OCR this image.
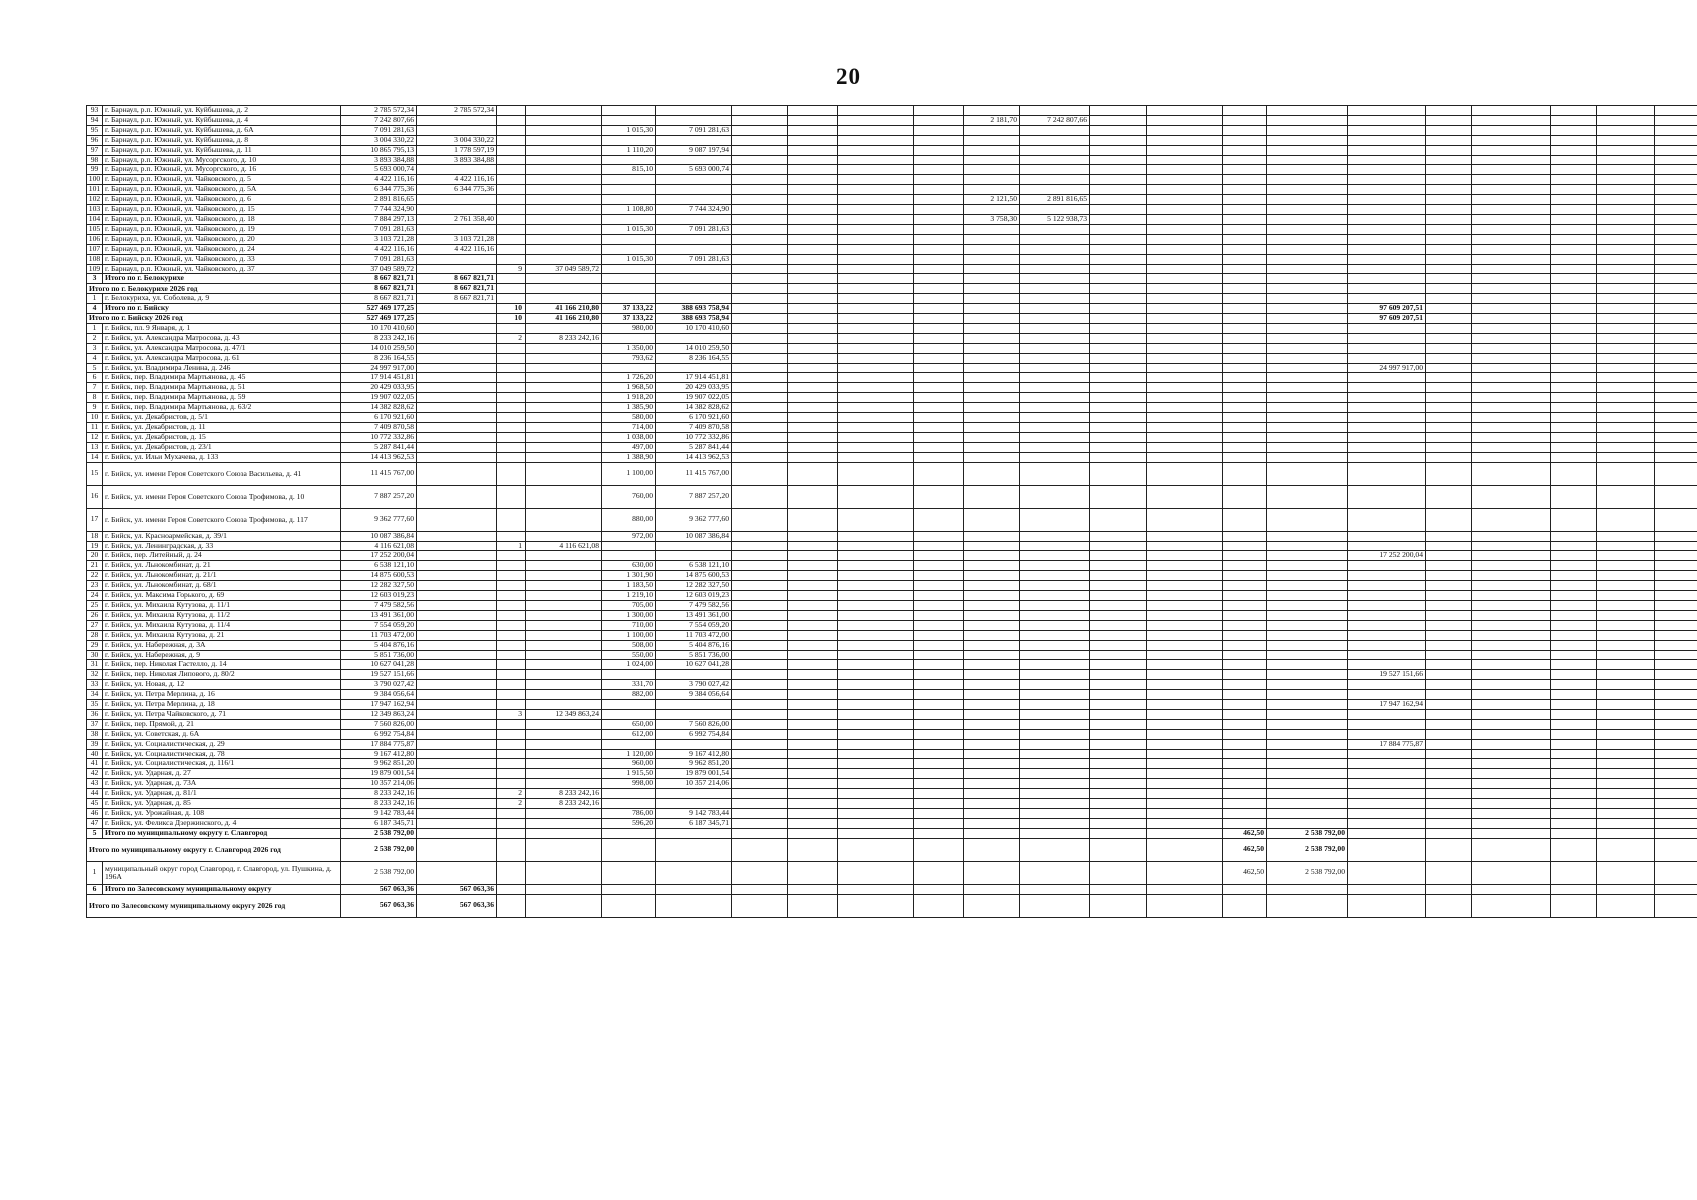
20
93	г. Барнаул, р.п. Южный, ул. Куйбышева, д. 2	2 785 572,34	2 785 572,34																				
94	г. Барнаул, р.п. Южный, ул. Куйбышева, д. 4	7 242 807,66										2 181,70	7 242 807,66										
95	г. Барнаул, р.п. Южный, ул. Куйбышева, д. 6А	7 091 281,63				1 015,30	7 091 281,63																
96	г. Барнаул, р.п. Южный, ул. Куйбышева, д. 8	3 004 330,22	3 004 330,22																				
97	г. Барнаул, р.п. Южный, ул. Куйбышева, д. 11	10 865 795,13	1 778 597,19			1 110,20	9 087 197,94																
98	г. Барнаул, р.п. Южный, ул. Мусоргского, д. 10	3 893 384,88	3 893 384,88																				
99	г. Барнаул, р.п. Южный, ул. Мусоргского, д. 16	5 693 000,74				815,10	5 693 000,74																
100	г. Барнаул, р.п. Южный, ул. Чайковского, д. 5	4 422 116,16	4 422 116,16																				
101	г. Барнаул, р.п. Южный, ул. Чайковского, д. 5А	6 344 775,36	6 344 775,36																				
102	г. Барнаул, р.п. Южный, ул. Чайковского, д. 6	2 891 816,65										2 121,50	2 891 816,65										
103	г. Барнаул, р.п. Южный, ул. Чайковского, д. 15	7 744 324,90				1 108,80	7 744 324,90																
104	г. Барнаул, р.п. Южный, ул. Чайковского, д. 18	7 884 297,13	2 761 358,40									3 758,30	5 122 938,73										
105	г. Барнаул, р.п. Южный, ул. Чайковского, д. 19	7 091 281,63				1 015,30	7 091 281,63																
106	г. Барнаул, р.п. Южный, ул. Чайковского, д. 20	3 103 721,28	3 103 721,28																				
107	г. Барнаул, р.п. Южный, ул. Чайковского, д. 24	4 422 116,16	4 422 116,16																				
108	г. Барнаул, р.п. Южный, ул. Чайковского, д. 33	7 091 281,63				1 015,30	7 091 281,63																
109	г. Барнаул, р.п. Южный, ул. Чайковского, д. 37	37 049 589,72		9	37 049 589,72																		
3	Итого по г. Белокурихе	8 667 821,71	8 667 821,71																				
Итого по г. Белокурихе 2026 год		8 667 821,71	8 667 821,71																				
1	г. Белокуриха, ул. Соболева, д. 9	8 667 821,71	8 667 821,71																				
4	Итого по г. Бийску	527 469 177,25		10	41 166 210,80	37 133,22	388 693 758,94											97 609 207,51					
Итого по г. Бийску 2026 год		527 469 177,25		10	41 166 210,80	37 133,22	388 693 758,94											97 609 207,51					
1	г. Бийск, пл. 9 Января, д. 1	10 170 410,60				980,00	10 170 410,60																
2	г. Бийск, ул. Александра Матросова, д. 43	8 233 242,16		2	8 233 242,16																		
3	г. Бийск, ул. Александра Матросова, д. 47/1	14 010 259,50				1 350,00	14 010 259,50																
4	г. Бийск, ул. Александра Матросова, д. 61	8 236 164,55				793,62	8 236 164,55																
5	г. Бийск, ул. Владимира Ленина, д. 246	24 997 917,00																24 997 917,00					
6	г. Бийск, пер. Владимира Мартьянова, д. 45	17 914 451,81				1 726,20	17 914 451,81																
7	г. Бийск, пер. Владимира Мартьянова, д. 51	20 429 033,95				1 968,50	20 429 033,95																
8	г. Бийск, пер. Владимира Мартьянова, д. 59	19 907 022,05				1 918,20	19 907 022,05																
9	г. Бийск, пер. Владимира Мартьянова, д. 63/2	14 382 828,62				1 385,90	14 382 828,62																
10	г. Бийск, ул. Декабристов, д. 5/1	6 170 921,60				580,00	6 170 921,60																
11	г. Бийск, ул. Декабристов, д. 11	7 409 870,58				714,00	7 409 870,58																
12	г. Бийск, ул. Декабристов, д. 15	10 772 332,86				1 038,00	10 772 332,86																
13	г. Бийск, ул. Декабристов, д. 23/1	5 287 841,44				497,00	5 287 841,44																
14	г. Бийск, ул. Ильи Мухачева, д. 133	14 413 962,53				1 388,90	14 413 962,53																
15	г. Бийск, ул. имени Героя Советского Союза Васильева, д. 41	11 415 767,00				1 100,00	11 415 767,00																
16	г. Бийск, ул. имени Героя Советского Союза Трофимова, д. 10	7 887 257,20				760,00	7 887 257,20																
17	г. Бийск, ул. имени Героя Советского Союза Трофимова, д. 117	9 362 777,60				880,00	9 362 777,60																
18	г. Бийск, ул. Красноармейская, д. 39/1	10 087 386,84				972,00	10 087 386,84																
19	г. Бийск, ул. Ленинградская, д. 33	4 116 621,08		1	4 116 621,08																		
20	г. Бийск, пер. Литейный, д. 24	17 252 200,04																17 252 200,04					
21	г. Бийск, ул. Льнокомбинат, д. 21	6 538 121,10				630,00	6 538 121,10																
22	г. Бийск, ул. Льнокомбинат, д. 21/1	14 875 600,53				1 301,90	14 875 600,53																
23	г. Бийск, ул. Льнокомбинат, д. 68/1	12 282 327,50				1 183,50	12 282 327,50																
24	г. Бийск, ул. Максима Горького, д. 69	12 603 019,23				1 219,10	12 603 019,23																
25	г. Бийск, ул. Михаила Кутузова, д. 11/1	7 479 582,56				705,00	7 479 582,56																
26	г. Бийск, ул. Михаила Кутузова, д. 11/2	13 491 361,00				1 300,00	13 491 361,00																
27	г. Бийск, ул. Михаила Кутузова, д. 11/4	7 554 059,20				710,00	7 554 059,20																
28	г. Бийск, ул. Михаила Кутузова, д. 21	11 703 472,00				1 100,00	11 703 472,00																
29	г. Бийск, ул. Набережная, д. 3А	5 404 876,16				508,00	5 404 876,16																
30	г. Бийск, ул. Набережная, д. 9	5 851 736,00				550,00	5 851 736,00																
31	г. Бийск, пер. Николая Гастелло, д. 14	10 627 041,28				1 024,00	10 627 041,28																
32	г. Бийск, пер. Николая Липового, д. 80/2	19 527 151,66																19 527 151,66					
33	г. Бийск, ул. Новая, д. 12	3 790 027,42				331,70	3 790 027,42																
34	г. Бийск, ул. Петра Мерлина, д. 16	9 384 056,64				882,00	9 384 056,64																
35	г. Бийск, ул. Петра Мерлина, д. 18	17 947 162,94																17 947 162,94					
36	г. Бийск, ул. Петра Чайковского, д. 71	12 349 863,24		3	12 349 863,24																		
37	г. Бийск, пер. Прямой, д. 21	7 560 826,00				650,00	7 560 826,00																
38	г. Бийск, ул. Советская, д. 6А	6 992 754,84				612,00	6 992 754,84																
39	г. Бийск, ул. Социалистическая, д. 29	17 884 775,87																17 884 775,87					
40	г. Бийск, ул. Социалистическая, д. 78	9 167 412,80				1 120,00	9 167 412,80																
41	г. Бийск, ул. Социалистическая, д. 116/1	9 962 851,20				960,00	9 962 851,20																
42	г. Бийск, ул. Ударная, д. 27	19 879 001,54				1 915,50	19 879 001,54																
43	г. Бийск, ул. Ударная, д. 73А	10 357 214,06				998,00	10 357 214,06																
44	г. Бийск, ул. Ударная, д. 81/1	8 233 242,16		2	8 233 242,16																		
45	г. Бийск, ул. Ударная, д. 85	8 233 242,16		2	8 233 242,16																		
46	г. Бийск, ул. Урожайная, д. 108	9 142 783,44				786,00	9 142 783,44																
47	г. Бийск, ул. Феликса Дзержинского, д. 4	6 187 345,71				596,20	6 187 345,71																
5	Итого по муниципальному округу г. Славгород	2 538 792,00														462,50	2 538 792,00						
Итого по муниципальному округу г. Славгород 2026 год		2 538 792,00														462,50	2 538 792,00						
1	муниципальный округ город Славгород, г. Славгород, ул. Пушкина, д. 196А	2 538 792,00														462,50	2 538 792,00						
6	Итого по Залесовскому муниципальному округу	567 063,36	567 063,36																				
Итого по Залесовскому муниципальному округу 2026 год		567 063,36	567 063,36																				
